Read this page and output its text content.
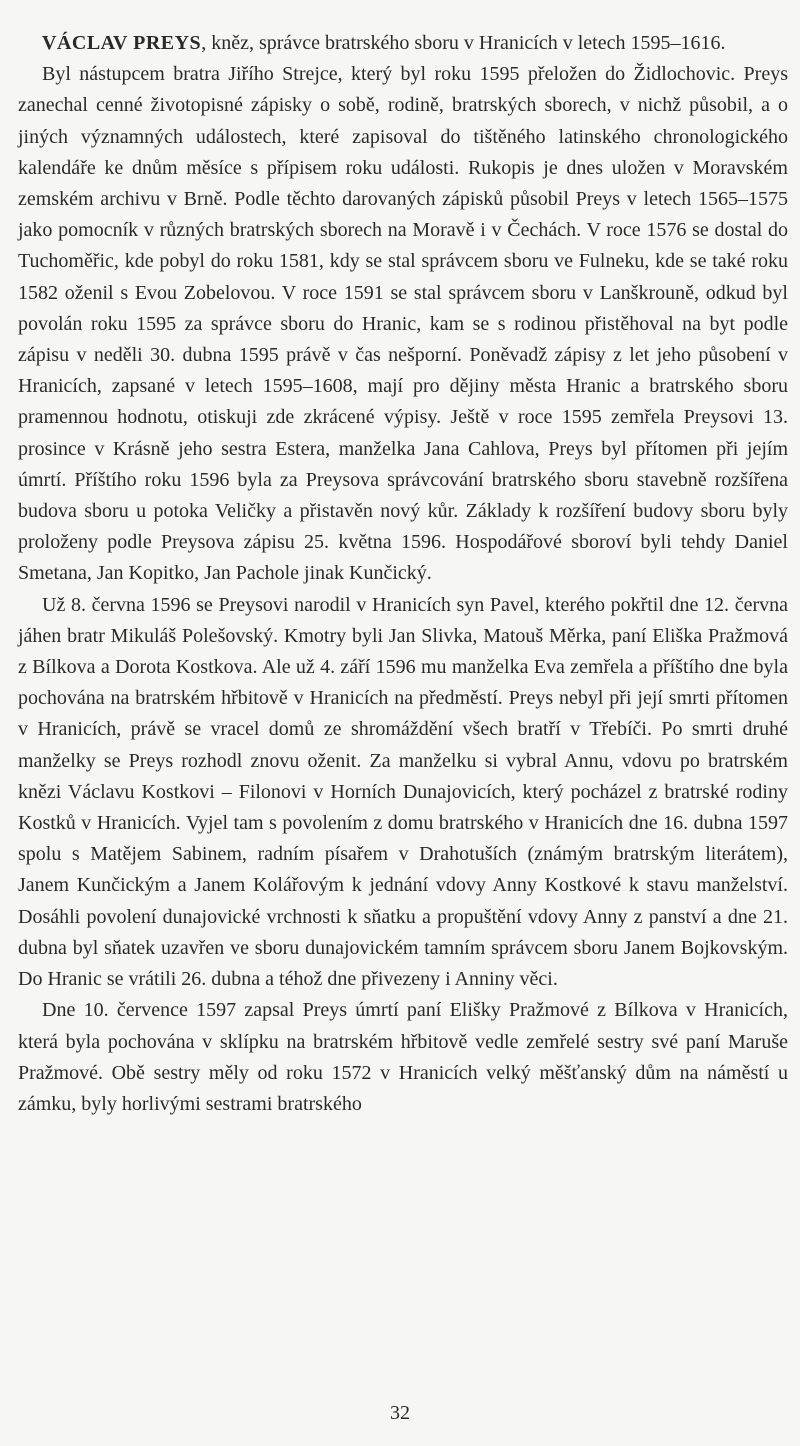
VÁCLAV PREYS, kněz, správce bratrského sboru v Hranicích v letech 1595–1616.

Byl nástupcem bratra Jiřího Strejce, který byl roku 1595 přeložen do Židlochovic. Preys zanechal cenné životopisné zápisky o sobě, rodině, bratrských sborech, v nichž působil, a o jiných významných událostech, které zapisoval do tištěného latinského chronologického kalendáře ke dnům měsíce s přípisem roku události. Rukopis je dnes uložen v Moravském zemském archivu v Brně. Podle těchto darovaných zápisků působil Preys v letech 1565–1575 jako pomocník v různých bratrských sborech na Moravě i v Čechách. V roce 1576 se dostal do Tuchoměřic, kde pobyl do roku 1581, kdy se stal správcem sboru ve Fulneku, kde se také roku 1582 oženil s Evou Zobelovou. V roce 1591 se stal správcem sboru v Lanškrouně, odkud byl povolán roku 1595 za správce sboru do Hranic, kam se s rodinou přistěhoval na byt podle zápisu v neděli 30. dubna 1595 právě v čas nešporní. Poněvadž zápisy z let jeho působení v Hranicích, zapsané v letech 1595–1608, mají pro dějiny města Hranic a bratrského sboru pramennou hodnotu, otiskuji zde zkrácené výpisy. Ještě v roce 1595 zemřela Preysovi 13. prosince v Krásně jeho sestra Estera, manželka Jana Cahlova, Preys byl přítomen při jejím úmrtí. Příštího roku 1596 byla za Preysova správcování bratrského sboru stavebně rozšířena budova sboru u potoka Veličky a přistavěn nový kůr. Základy k rozšíření budovy sboru byly proloženy podle Preysova zápisu 25. května 1596. Hospodářové sboroví byli tehdy Daniel Smetana, Jan Kopitko, Jan Pachole jinak Kunčický.

Už 8. června 1596 se Preysovi narodil v Hranicích syn Pavel, kterého pokřtil dne 12. června jáhen bratr Mikuláš Polešovský. Kmotry byli Jan Slivka, Matouš Měrka, paní Eliška Pražmová z Bílkova a Dorota Kostkova. Ale už 4. září 1596 mu manželka Eva zemřela a příštího dne byla pochována na bratrském hřbitově v Hranicích na předměstí. Preys nebyl při její smrti přítomen v Hranicích, právě se vracel domů ze shromáždění všech bratří v Třebíči. Po smrti druhé manželky se Preys rozhodl znovu oženit. Za manželku si vybral Annu, vdovu po bratrském knězi Václavu Kostkovi – Filonovi v Horních Dunajovicích, který pocházel z bratrské rodiny Kostků v Hranicích. Vyjel tam s povolením z domu bratrského v Hranicích dne 16. dubna 1597 spolu s Matějem Sabinem, radním písařem v Drahotuších (známým bratrským literátem), Janem Kunčickým a Janem Kolářovým k jednání vdovy Anny Kostkové k stavu manželství. Dosáhli povolení dunajovické vrchnosti k sňatku a propuštění vdovy Anny z panství a dne 21. dubna byl sňatek uzavřen ve sboru dunajovickém tamním správcem sboru Janem Bojkovským. Do Hranic se vrátili 26. dubna a téhož dne přivezeny i Anniny věci.

Dne 10. července 1597 zapsal Preys úmrtí paní Elišky Pražmové z Bílkova v Hranicích, která byla pochována v sklípku na bratrském hřbitově vedle zemřelé sestry své paní Maruše Pražmové. Obě sestry měly od roku 1572 v Hranicích velký měšťanský dům na náměstí u zámku, byly horlivými sestrami bratrského

32
